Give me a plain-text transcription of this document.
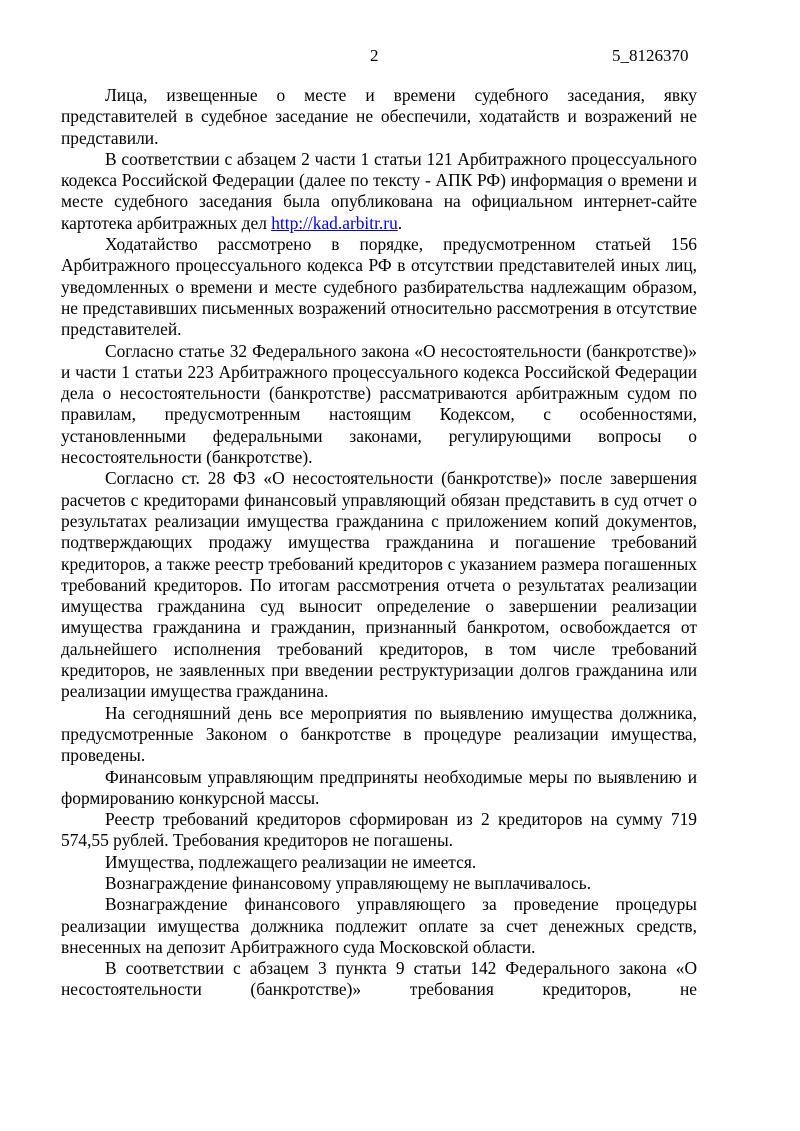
2	5_8126370

Лица, извещенные о месте и времени судебного заседания, явку представителей в судебное заседание не обеспечили, ходатайств и возражений не представили.

В соответствии с абзацем 2 части 1 статьи 121 Арбитражного процессуального кодекса Российской Федерации (далее по тексту - АПК РФ) информация о времени и месте судебного заседания была опубликована на официальном интернет-сайте картотека арбитражных дел http://kad.arbitr.ru.

Ходатайство рассмотрено в порядке, предусмотренном статьей 156 Арбитражного процессуального кодекса РФ в отсутствии представителей иных лиц, уведомленных о времени и месте судебного разбирательства надлежащим образом, не представивших письменных возражений относительно рассмотрения в отсутствие представителей.

Согласно статье 32 Федерального закона «О несостоятельности (банкротстве)» и части 1 статьи 223 Арбитражного процессуального кодекса Российской Федерации дела о несостоятельности (банкротстве) рассматриваются арбитражным судом по правилам, предусмотренным настоящим Кодексом, с особенностями, установленными федеральными законами, регулирующими вопросы о несостоятельности (банкротстве).

Согласно ст. 28 ФЗ «О несостоятельности (банкротстве)» после завершения расчетов с кредиторами финансовый управляющий обязан представить в суд отчет о результатах реализации имущества гражданина с приложением копий документов, подтверждающих продажу имущества гражданина и погашение требований кредиторов, а также реестр требований кредиторов с указанием размера погашенных требований кредиторов. По итогам рассмотрения отчета о результатах реализации имущества гражданина суд выносит определение о завершении реализации имущества гражданина и гражданин, признанный банкротом, освобождается от дальнейшего исполнения требований кредиторов, в том числе требований кредиторов, не заявленных при введении реструктуризации долгов гражданина или реализации имущества гражданина.

На сегодняшний день все мероприятия по выявлению имущества должника, предусмотренные Законом о банкротстве в процедуре реализации имущества, проведены.

Финансовым управляющим предприняты необходимые меры по выявлению и формированию конкурсной массы.

Реестр требований кредиторов сформирован из 2 кредиторов на сумму 719 574,55 рублей. Требования кредиторов не погашены.

Имущества, подлежащего реализации не имеется.

Вознаграждение финансовому управляющему не выплачивалось.

Вознаграждение финансового управляющего за проведение процедуры реализации имущества должника подлежит оплате за счет денежных средств, внесенных на депозит Арбитражного суда Московской области.

В соответствии с абзацем 3 пункта 9 статьи 142 Федерального закона «О несостоятельности (банкротстве)» требования кредиторов, не
